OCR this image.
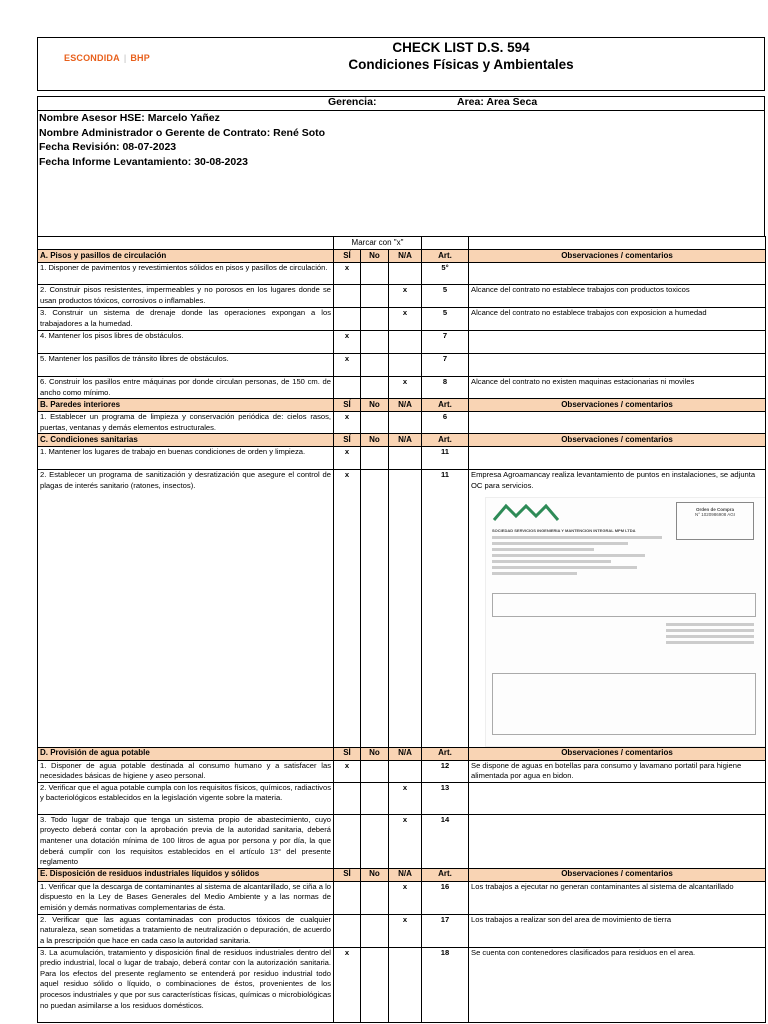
ESCONDIDA | BHP
CHECK LIST D.S. 594
Condiciones Físicas y Ambientales
Gerencia:	Area: Area Seca
Nombre Asesor HSE: Marcelo Yañez
Nombre Administrador o Gerente de Contrato: René Soto
Fecha Revisión: 08-07-2023
Fecha Informe Levantamiento: 30-08-2023
	Marcar con "x"				
A. Pisos y pasillos de circulación	SÍ	No	N/A	Art.	Observaciones / comentarios
1. Disponer de pavimentos y revestimientos sólidos en pisos y pasillos de circulación.	x			5°	

2. Construir pisos resistentes, impermeables y no porosos en los lugares donde se usan productos tóxicos, corrosivos o inflamables.			x	5	Alcance del contrato no establece trabajos con productos toxicos

3. Construir un sistema de drenaje donde las operaciones expongan a los trabajadores a la humedad.			x	5	Alcance del contrato no establece trabajos con exposicion a humedad

4. Mantener los pisos libres de obstáculos.	x			7	

5. Mantener los pasillos de tránsito libres de obstáculos.	x			7	

6. Construir los pasillos entre máquinas por donde circulan personas, de 150 cm. de ancho como mínimo.			x	8	Alcance del contrato no existen maquinas estacionarias ni moviles

B. Paredes interiores	SÍ	No	N/A	Art.	Observaciones / comentarios
1. Establecer un programa de limpieza y conservación periódica de: cielos rasos, puertas, ventanas y demás elementos estructurales.	x			6	

C. Condiciones sanitarias	SÍ	No	N/A	Art.	Observaciones / comentarios
1. Mantener los lugares de trabajo en buenas condiciones de orden y limpieza.	x			11	

2. Establecer un programa de sanitización y desratización que asegure el control de plagas de interés sanitario (ratones, insectos).	x			11	Empresa Agroamancay realiza levantamiento de puntos en instalaciones, se adjunta OC para servicios.
Orden de Compra
N° 1020986908 AGI
SOCIEDAD SERVICIOS INGENIERIA Y MANTENCION INTEGRAL MPM LTDA

D. Provisión de agua potable	SÍ	No	N/A	Art.	Observaciones / comentarios
1. Disponer de agua potable destinada al consumo humano y a satisfacer las necesidades básicas de higiene y aseo personal.	x			12	Se dispone de aguas en botellas para consumo y lavamano portatil para higiene alimentada por agua en bidon.

2. Verificar que el agua potable cumpla con los requisitos físicos, químicos, radiactivos y bacteriológicos establecidos en la legislación vigente sobre la materia.			x	13	

3. Todo lugar de trabajo que tenga un sistema propio de abastecimiento, cuyo proyecto deberá contar con la aprobación previa de la autoridad sanitaria, deberá mantener una dotación mínima de 100 litros de agua por persona y por día, la que deberá cumplir con los requisitos establecidos en el artículo 13° del presente reglamento			x	14	

E. Disposición de residuos industriales líquidos y sólidos	SÍ	No	N/A	Art.	Observaciones / comentarios
1. Verificar que la descarga de contaminantes al sistema de alcantarillado, se ciña a lo dispuesto en la Ley de Bases Generales del Medio Ambiente y a las normas de emisión y demás normativas complementarias de ésta.			x	16	Los trabajos a ejecutar no generan contaminantes al sistema de alcantarillado

2. Verificar que las aguas contaminadas con productos tóxicos de cualquier naturaleza, sean sometidas a tratamiento de neutralización o depuración, de acuerdo a la prescripción que hace en cada caso la autoridad sanitaria.			x	17	Los trabajos a realizar son del area de movimiento de tierra

3. La acumulación, tratamiento y disposición final de residuos industriales dentro del predio industrial, local o lugar de trabajo, deberá contar con la autorización sanitaria. Para los efectos del presente reglamento se entenderá por residuo industrial todo aquel residuo sólido o líquido, o combinaciones de éstos, provenientes de los procesos industriales y que por sus características físicas, químicas o microbiológicas no puedan asimilarse a los residuos domésticos.	x			18	Se cuenta con contenedores clasificados para residuos en el area.
